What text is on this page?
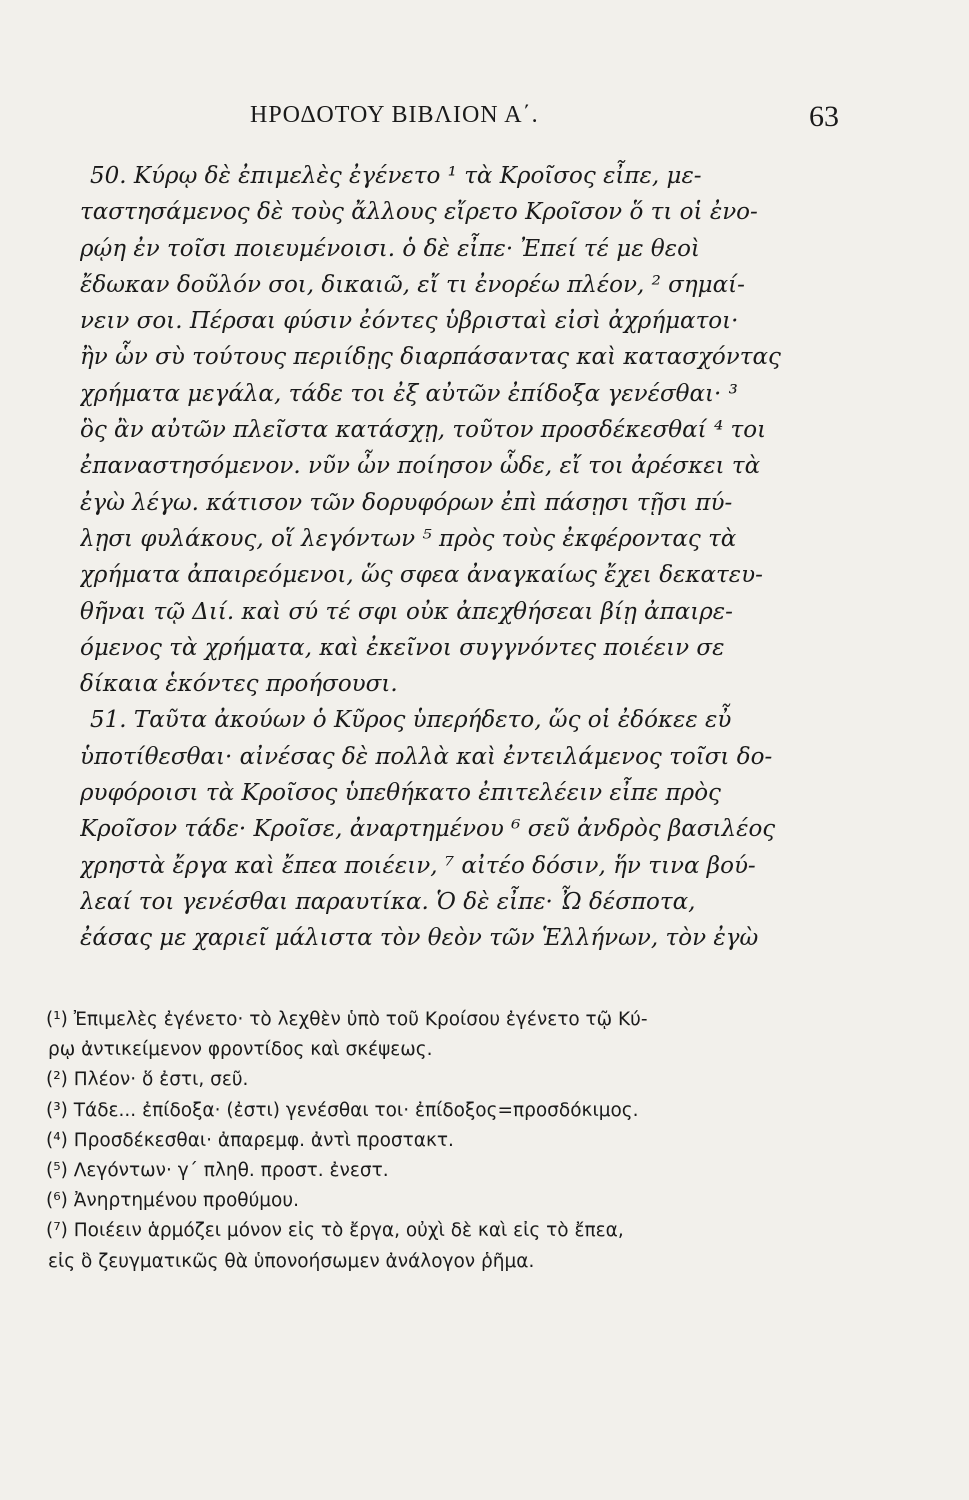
ΗΡΟΔΟΤΟΥ ΒΙΒΛΙΟΝ Α΄.	63
50. Κύρῳ δὲ ἐπιμελὲς ἐγένετο ¹ τὰ Κροῖσος εἶπε, με-
ταστησάμενος δὲ τοὺς ἄλλους εἴρετο Κροῖσον ὅ τι οἱ ἐνο-
ρῴη ἐν τοῖσι ποιευμένοισι. ὁ δὲ εἶπε· Ἐπεί τέ με θεοὶ
ἔδωκαν δοῦλόν σοι, δικαιῶ, εἴ τι ἐνορέω πλέον, ² σημαί-
νειν σοι. Πέρσαι φύσιν ἐόντες ὑβρισταὶ εἰσὶ ἀχρήματοι·
ἢν ὧν σὺ τούτους περιίδῃς διαρπάσαντας καὶ κατασχόντας
χρήματα μεγάλα, τάδε τοι ἐξ αὐτῶν ἐπίδοξα γενέσθαι· ³
ὃς ἂν αὐτῶν πλεῖστα κατάσχῃ, τοῦτον προσδέκεσθαί ⁴ τοι
ἐπαναστησόμενον. νῦν ὦν ποίησον ὧδε, εἴ τοι ἀρέσκει τὰ
ἐγὼ λέγω. κάτισον τῶν δορυφόρων ἐπὶ πάσῃσι τῇσι πύ-
λῃσι φυλάκους, οἵ λεγόντων ⁵ πρὸς τοὺς ἐκφέροντας τὰ
χρήματα ἀπαιρεόμενοι, ὥς σφεα ἀναγκαίως ἔχει δεκατευ-
θῆναι τῷ Διί. καὶ σύ τέ σφι οὐκ ἀπεχθήσεαι βίῃ ἀπαιρε-
όμενος τὰ χρήματα, καὶ ἐκεῖνοι συγγνόντες ποιέειν σε
δίκαια ἑκόντες προήσουσι.
51. Ταῦτα ἀκούων ὁ Κῦρος ὑπερήδετο, ὥς οἱ ἐδόκεε εὖ
ὑποτίθεσθαι· αἰνέσας δὲ πολλὰ καὶ ἐντειλάμενος τοῖσι δο-
ρυφόροισι τὰ Κροῖσος ὑπεθήκατο ἐπιτελέειν εἶπε πρὸς
Κροῖσον τάδε· Κροῖσε, ἀναρτημένου ⁶ σεῦ ἀνδρὸς βασιλέος
χρηστὰ ἔργα καὶ ἔπεα ποιέειν, ⁷ αἰτέο δόσιν, ἥν τινα βού-
λεαί τοι γενέσθαι παραυτίκα. Ὁ δὲ εἶπε· Ὦ δέσποτα,
ἐάσας με χαριεῖ μάλιστα τὸν θεὸν τῶν Ἑλλήνων, τὸν ἐγὼ
(¹) Ἐπιμελὲς ἐγένετο· τὸ λεχθὲν ὑπὸ τοῦ Κροίσου ἐγένετο τῷ Κύ-
ρῳ ἀντικείμενον φροντίδος καὶ σκέψεως.
(²) Πλέον· ὅ ἐστι, σεῦ.
(³) Τάδε... ἐπίδοξα· (ἐστι) γενέσθαι τοι· ἐπίδοξος=προσδόκιμος.
(⁴) Προσδέκεσθαι· ἀπαρεμφ. ἀντὶ προστακτ.
(⁵) Λεγόντων· γ΄ πληθ. προστ. ἐνεστ.
(⁶) Ἀνηρτημένου προθύμου.
(⁷) Ποιέειν ἁρμόζει μόνον εἰς τὸ ἔργα, οὐχὶ δὲ καὶ εἰς τὸ ἔπεα,
εἰς ὃ ζευγματικῶς θὰ ὑπονοήσωμεν ἀνάλογον ῥῆμα.
